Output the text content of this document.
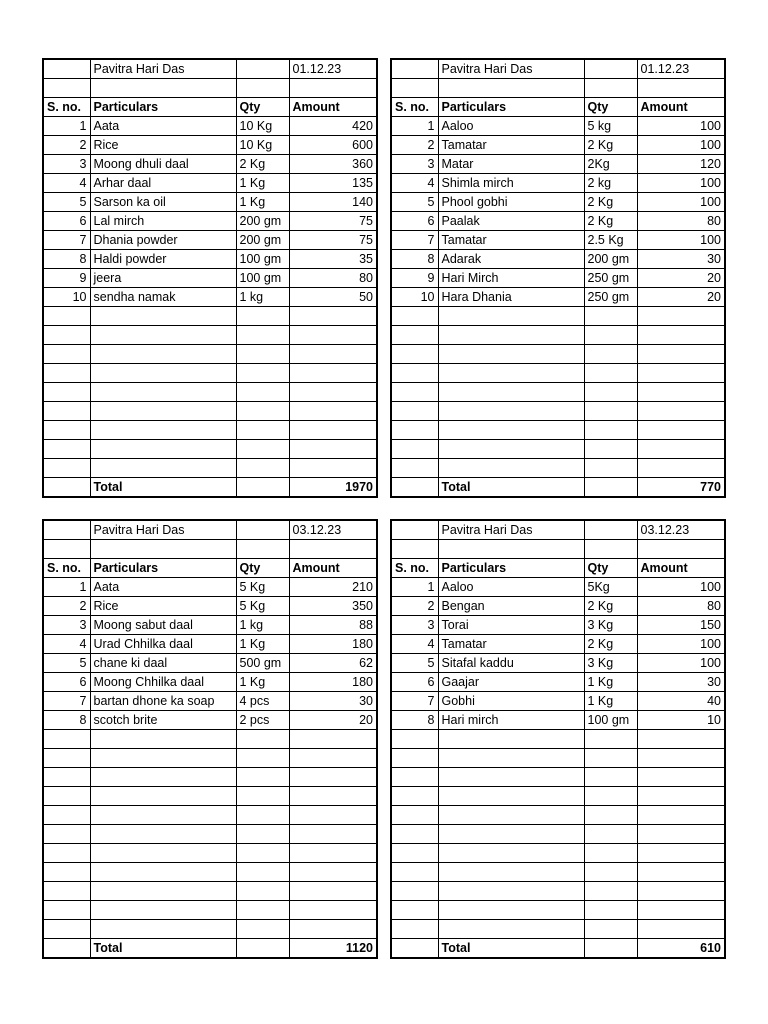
	Pavitra Hari Das		01.12.23

S. no.	Particulars	Qty	Amount
1	Aata	10 Kg	420
2	Rice	10 Kg	600
3	Moong dhuli daal	2 Kg	360
4	Arhar daal	1 Kg	135
5	Sarson ka oil	1 Kg	140
6	Lal mirch	200 gm	75
7	Dhania powder	200 gm	75
8	Haldi powder	100 gm	35
9	jeera	100 gm	80
10	sendha namak	1 kg	50

	Total		1970
	Pavitra Hari Das		01.12.23

S. no.	Particulars	Qty	Amount
1	Aaloo	5 kg	100
2	Tamatar	2 Kg	100
3	Matar	2Kg	120
4	Shimla mirch	2 kg	100
5	Phool gobhi	2 Kg	100
6	Paalak	2 Kg	80
7	Tamatar	2.5 Kg	100
8	Adarak	200 gm	30
9	Hari Mirch	250 gm	20
10	Hara Dhania	250 gm	20

	Total		770
	Pavitra Hari Das		03.12.23

S. no.	Particulars	Qty	Amount
1	Aata	5 Kg	210
2	Rice	5 Kg	350
3	Moong sabut daal	1 kg	88
4	Urad Chhilka daal	1 Kg	180
5	chane ki daal	500 gm	62
6	Moong Chhilka daal	1 Kg	180
7	bartan dhone ka soap	4 pcs	30
8	scotch brite	2 pcs	20

	Total		1120
	Pavitra Hari Das		03.12.23

S. no.	Particulars	Qty	Amount
1	Aaloo	5Kg	100
2	Bengan	2 Kg	80
3	Torai	3 Kg	150
4	Tamatar	2 Kg	100
5	Sitafal kaddu	3 Kg	100
6	Gaajar	1 Kg	30
7	Gobhi	1 Kg	40
8	Hari mirch	100 gm	10

	Total		610
